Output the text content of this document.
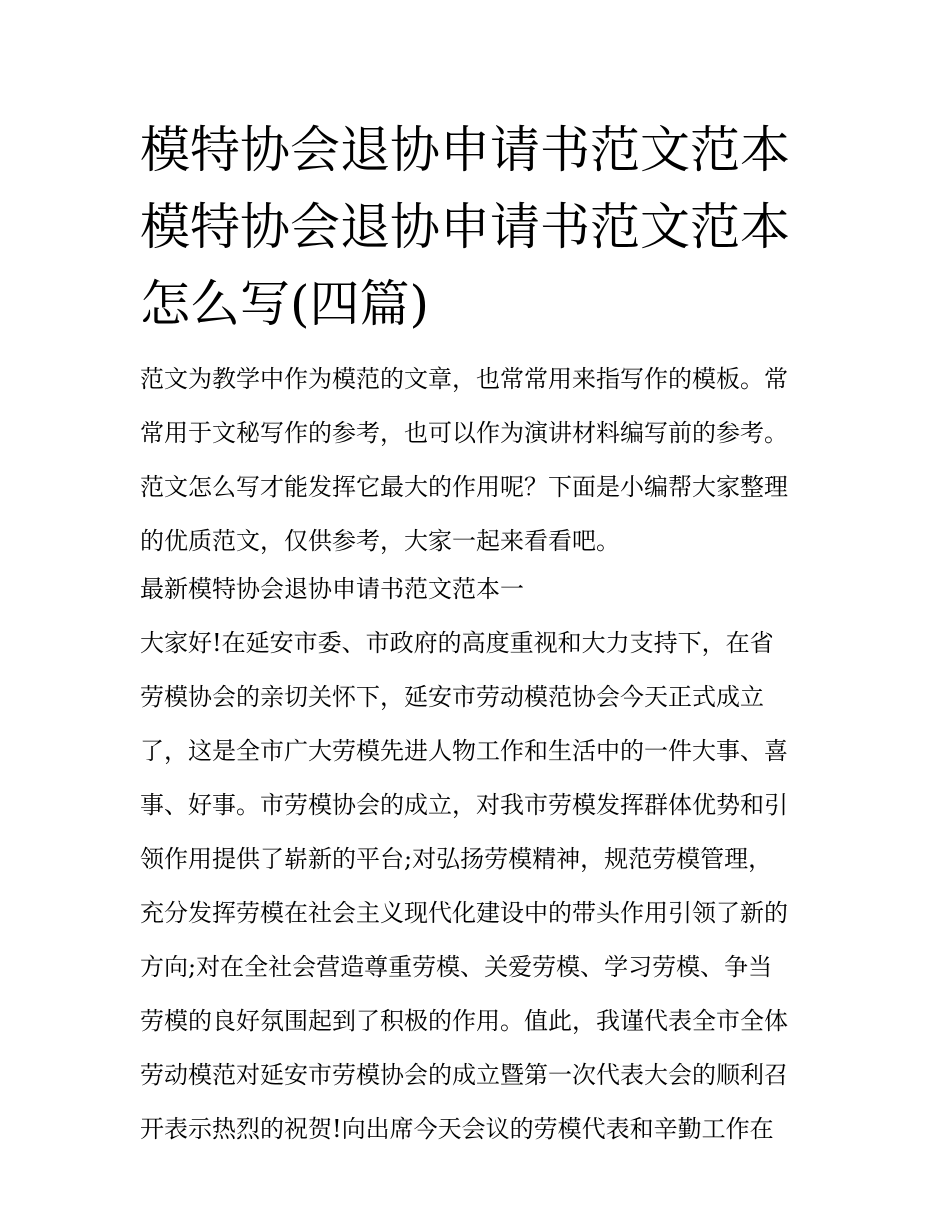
模特协会退协申请书范文范本
模特协会退协申请书范文范本
怎么写(四篇)

范文为教学中作为模范的文章，也常常用来指写作的模板。常

常用于文秘写作的参考，也可以作为演讲材料编写前的参考。

范文怎么写才能发挥它最大的作用呢？下面是小编帮大家整理

的优质范文，仅供参考，大家一起来看看吧。

最新模特协会退协申请书范文范本一

大家好!在延安市委、市政府的高度重视和大力支持下，在省

劳模协会的亲切关怀下，延安市劳动模范协会今天正式成立

了，这是全市广大劳模先进人物工作和生活中的一件大事、喜

事、好事。市劳模协会的成立，对我市劳模发挥群体优势和引

领作用提供了崭新的平台;对弘扬劳模精神，规范劳模管理，

充分发挥劳模在社会主义现代化建设中的带头作用引领了新的

方向;对在全社会营造尊重劳模、关爱劳模、学习劳模、争当

劳模的良好氛围起到了积极的作用。值此，我谨代表全市全体

劳动模范对延安市劳模协会的成立暨第一次代表大会的顺利召

开表示热烈的祝贺!向出席今天会议的劳模代表和辛勤工作在
